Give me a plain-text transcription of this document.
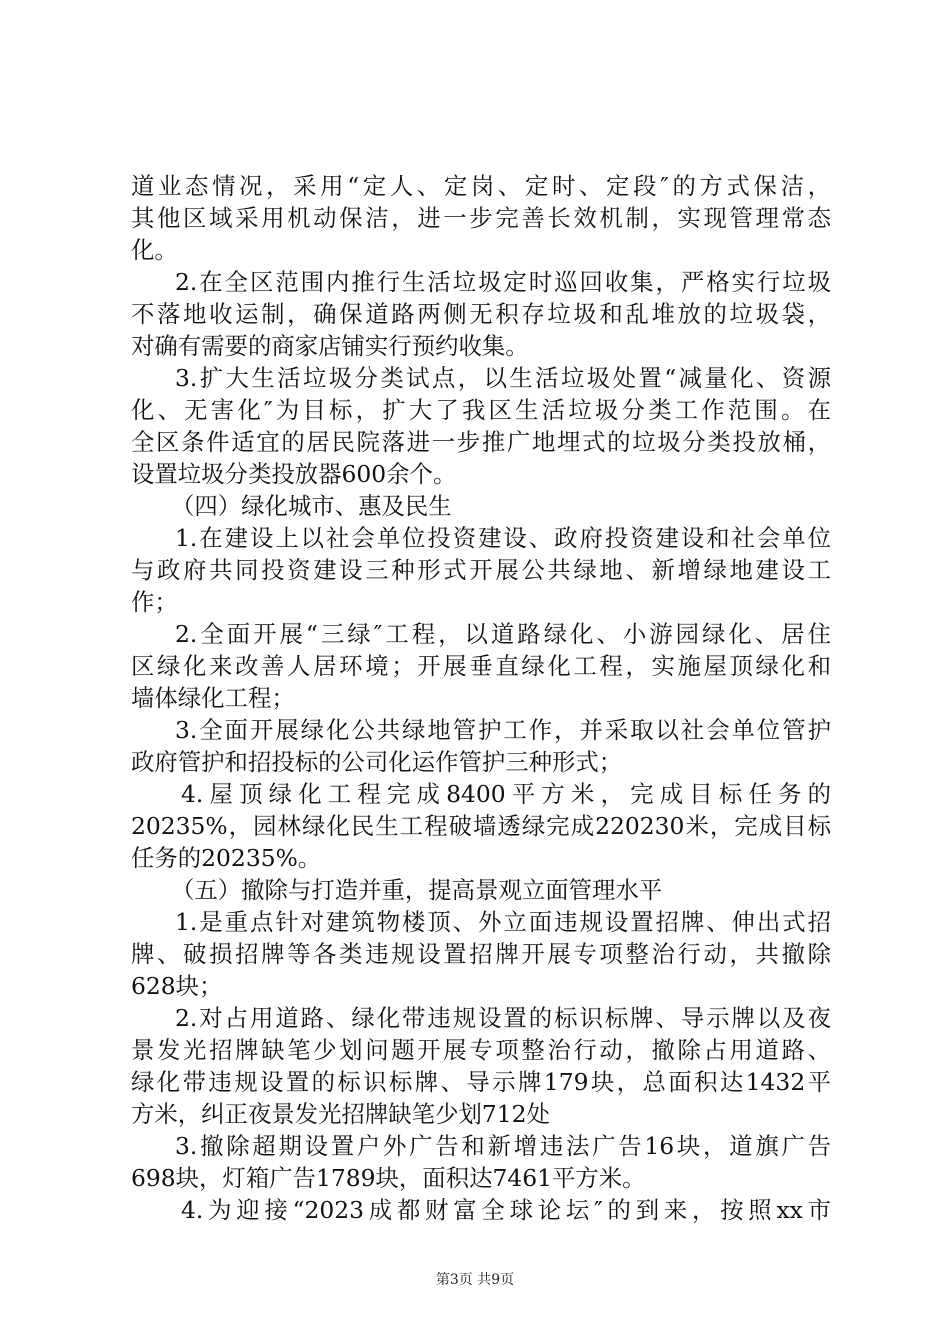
道业态情况，采用“定人、定岗、定时、定段″的方式保洁，
其他区域采用机动保洁，进一步完善长效机制，实现管理常态
化。
2.在全区范围内推行生活垃圾定时巡回收集，严格实行垃圾
不落地收运制，确保道路两侧无积存垃圾和乱堆放的垃圾袋，
对确有需要的商家店铺实行预约收集。
3.扩大生活垃圾分类试点，以生活垃圾处置“减量化、资源
化、无害化″为目标，扩大了我区生活垃圾分类工作范围。在
全区条件适宜的居民院落进一步推广地埋式的垃圾分类投放桶，
设置垃圾分类投放器600余个。
（四）绿化城市、惠及民生
1.在建设上以社会单位投资建设、政府投资建设和社会单位
与政府共同投资建设三种形式开展公共绿地、新增绿地建设工
作；
2.全面开展“三绿″工程，以道路绿化、小游园绿化、居住
区绿化来改善人居环境；开展垂直绿化工程，实施屋顶绿化和
墙体绿化工程；
3.全面开展绿化公共绿地管护工作，并采取以社会单位管护
政府管护和招投标的公司化运作管护三种形式；
4.屋顶绿化工程完成8400平方米，完成目标任务的
20235%，园林绿化民生工程破墙透绿完成220230米，完成目标
任务的20235%。
（五）撤除与打造并重，提高景观立面管理水平
1.是重点针对建筑物楼顶、外立面违规设置招牌、伸出式招
牌、破损招牌等各类违规设置招牌开展专项整治行动，共撤除
628块；
2.对占用道路、绿化带违规设置的标识标牌、导示牌以及夜
景发光招牌缺笔少划问题开展专项整治行动，撤除占用道路、
绿化带违规设置的标识标牌、导示牌179块，总面积达1432平
方米，纠正夜景发光招牌缺笔少划712处
3.撤除超期设置户外广告和新增违法广告16块，道旗广告
698块，灯箱广告1789块，面积达7461平方米。
4.为迎接“2023成都财富全球论坛″的到来，按照xx市
第3页 共9页
